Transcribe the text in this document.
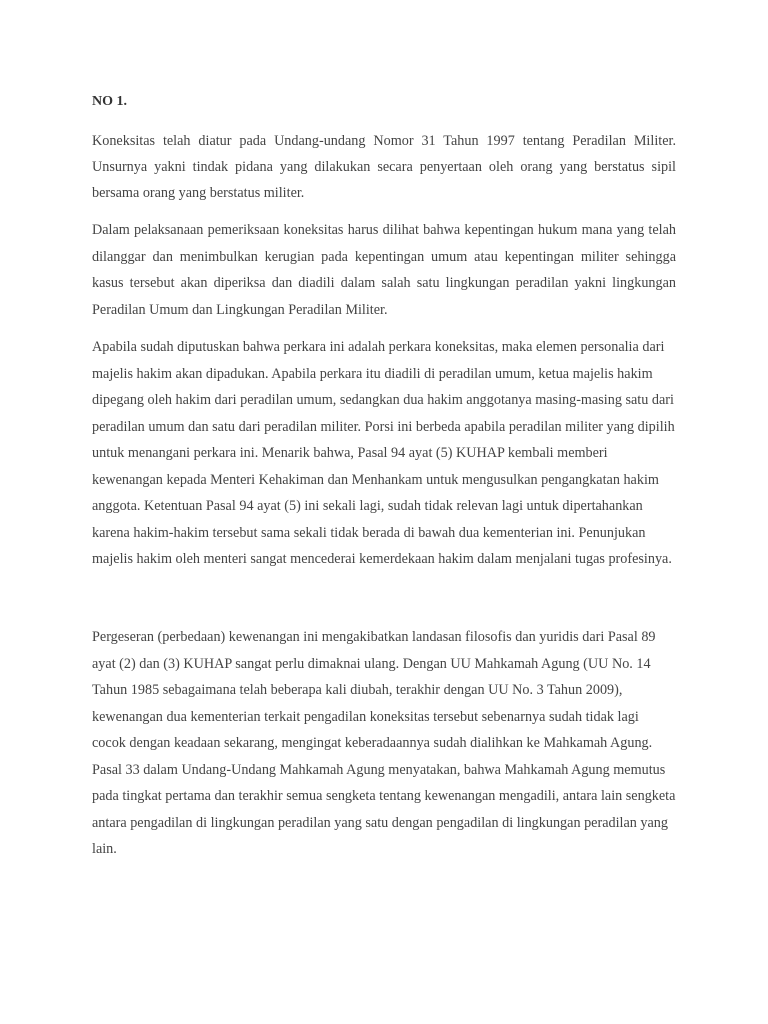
NO 1.

Koneksitas telah diatur pada Undang-undang Nomor 31 Tahun 1997 tentang Peradilan Militer. Unsurnya yakni tindak pidana yang dilakukan secara penyertaan oleh orang yang berstatus sipil bersama orang yang berstatus militer.

Dalam pelaksanaan pemeriksaan koneksitas harus dilihat bahwa kepentingan hukum mana yang telah dilanggar dan menimbulkan kerugian pada kepentingan umum atau kepentingan militer sehingga kasus tersebut akan diperiksa dan diadili dalam salah satu lingkungan peradilan yakni lingkungan Peradilan Umum dan Lingkungan Peradilan Militer.

Apabila sudah diputuskan bahwa perkara ini adalah perkara koneksitas, maka elemen personalia dari majelis hakim akan dipadukan. Apabila perkara itu diadili di peradilan umum, ketua majelis hakim dipegang oleh hakim dari peradilan umum, sedangkan dua hakim anggotanya masing-masing satu dari peradilan umum dan satu dari peradilan militer. Porsi ini berbeda apabila peradilan militer yang dipilih untuk menangani perkara ini. Menarik bahwa, Pasal 94 ayat (5) KUHAP kembali memberi kewenangan kepada Menteri Kehakiman dan Menhankam untuk mengusulkan pengangkatan hakim anggota. Ketentuan Pasal 94 ayat (5) ini sekali lagi, sudah tidak relevan lagi untuk dipertahankan karena hakim-hakim tersebut sama sekali tidak berada di bawah dua kementerian ini. Penunjukan majelis hakim oleh menteri sangat mencederai kemerdekaan hakim dalam menjalani tugas profesinya.

Pergeseran (perbedaan) kewenangan ini mengakibatkan landasan filosofis dan yuridis dari Pasal 89 ayat (2) dan (3) KUHAP sangat perlu dimaknai ulang. Dengan UU Mahkamah Agung (UU No. 14 Tahun 1985 sebagaimana telah beberapa kali diubah, terakhir dengan UU No. 3 Tahun 2009), kewenangan dua kementerian terkait pengadilan koneksitas tersebut sebenarnya sudah tidak lagi cocok dengan keadaan sekarang, mengingat keberadaannya sudah dialihkan ke Mahkamah Agung. Pasal 33 dalam Undang-Undang Mahkamah Agung menyatakan, bahwa Mahkamah Agung memutus pada tingkat pertama dan terakhir semua sengketa tentang kewenangan mengadili, antara lain sengketa antara pengadilan di lingkungan peradilan yang satu dengan pengadilan di lingkungan peradilan yang lain.
